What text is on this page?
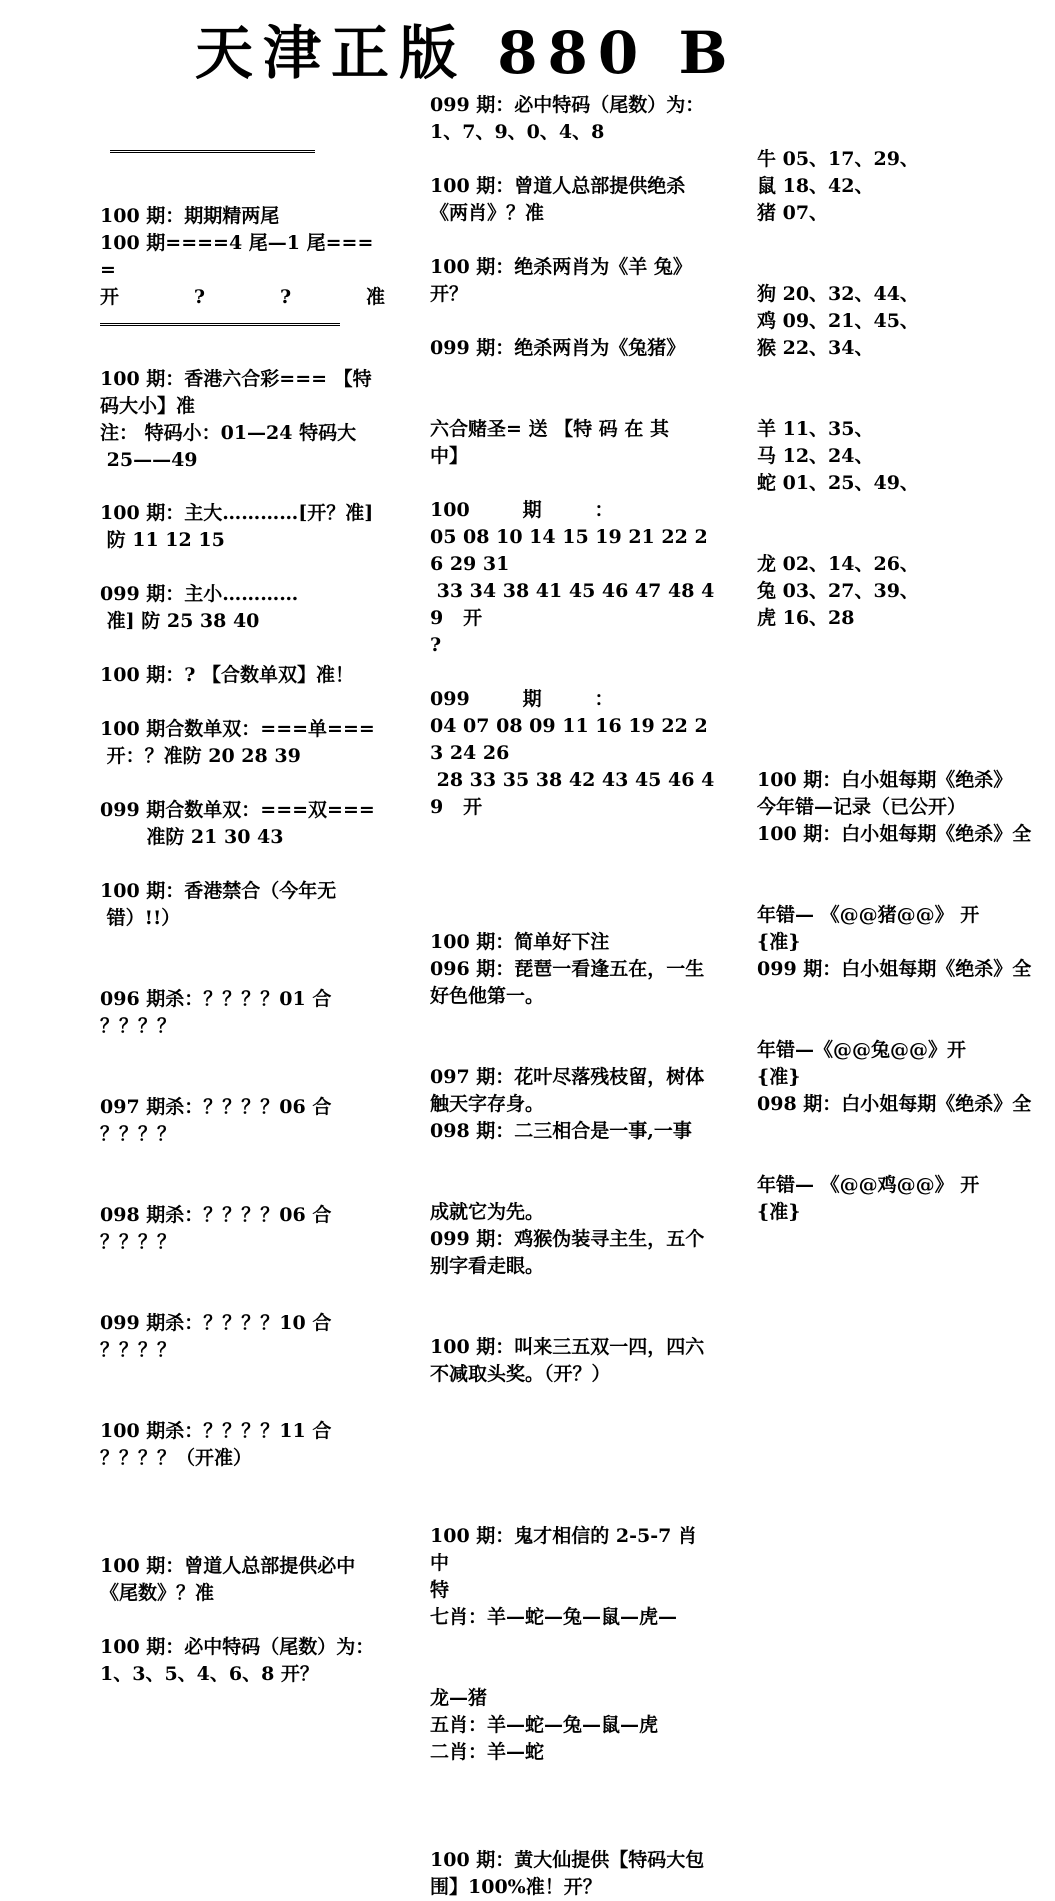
天津正版 880 B
100 期：期期精两尾
100 期====4 尾—1 尾====
开	?	?	准
100 期：香港六合彩=== 【特
码大小】准
注： 特码小：01—24 特码大
25——49
100 期：主大…………[开？准]
防 11 12 15
099 期：主小…………
准] 防 25 38 40
100 期：? 【合数单双】准！
100 期合数单双：===单===
开：？准防 20 28 39
099 期合数单双：===双===
准防 21 30 43
100 期：香港禁合（今年无
错）!!）

096 期杀：？？？？01 合
？？？？

097 期杀：？？？？06 合
？？？？

098 期杀：？？？？06 合
？？？？

099 期杀：？？？？10 合
？？？？

100 期杀：？？？？11 合
？？？？（开准）

100 期：曾道人总部提供必中
《尾数》？准
100 期：必中特码（尾数）为：
1、3、5、4、6、8 开？
099 期：必中特码（尾数）为：
1、7、9、0、4、8
100 期：曾道人总部提供绝杀
《两肖》？准
100 期：绝杀两肖为《羊 兔》
开？
099 期：绝杀两肖为《兔猪》
六合赌圣= 送 【特 码 在 其
中】
100        期        ：
05 08 10 14 15 19 21 22 26 29 31
33 34 38 41 45 46 47 48 49   开
?
099        期        ：
04 07 08 09 11 16 19 22 23 24 26
28 33 35 38 42 43 45 46 49   开

100 期：简单好下注
096 期：琵琶一看逢五在，一生
好色他第一。

097 期：花叶尽落残枝留，树体
触天字存身。
098 期：二三相合是一事,一事

成就它为先。
099 期：鸡猴伪装寻主生，五个
别字看走眼。

100 期：叫来三五双一四，四六
不减取头奖。（开？）

100 期：鬼才相信的 2-5-7 肖中
特
七肖：羊—蛇—兔—鼠—虎—

龙—猪
五肖：羊—蛇—兔—鼠—虎
二肖：羊—蛇

100 期：黄大仙提供【特码大包
围】100%准！开？

牛 05、17、29、
鼠 18、42、
猪 07、

狗 20、32、44、
鸡 09、21、45、
猴 22、34、

羊 11、35、
马 12、24、
蛇 01、25、49、

龙 02、14、26、
兔 03、27、39、
虎 16、28

100 期：白小姐每期《绝杀》
今年错—记录（已公开）
100 期：白小姐每期《绝杀》全

年错— 《@@猪@@》 开
{准}
099 期：白小姐每期《绝杀》全

年错—《@@兔@@》开
{准}
098 期：白小姐每期《绝杀》全

年错— 《@@鸡@@》 开
{准}
